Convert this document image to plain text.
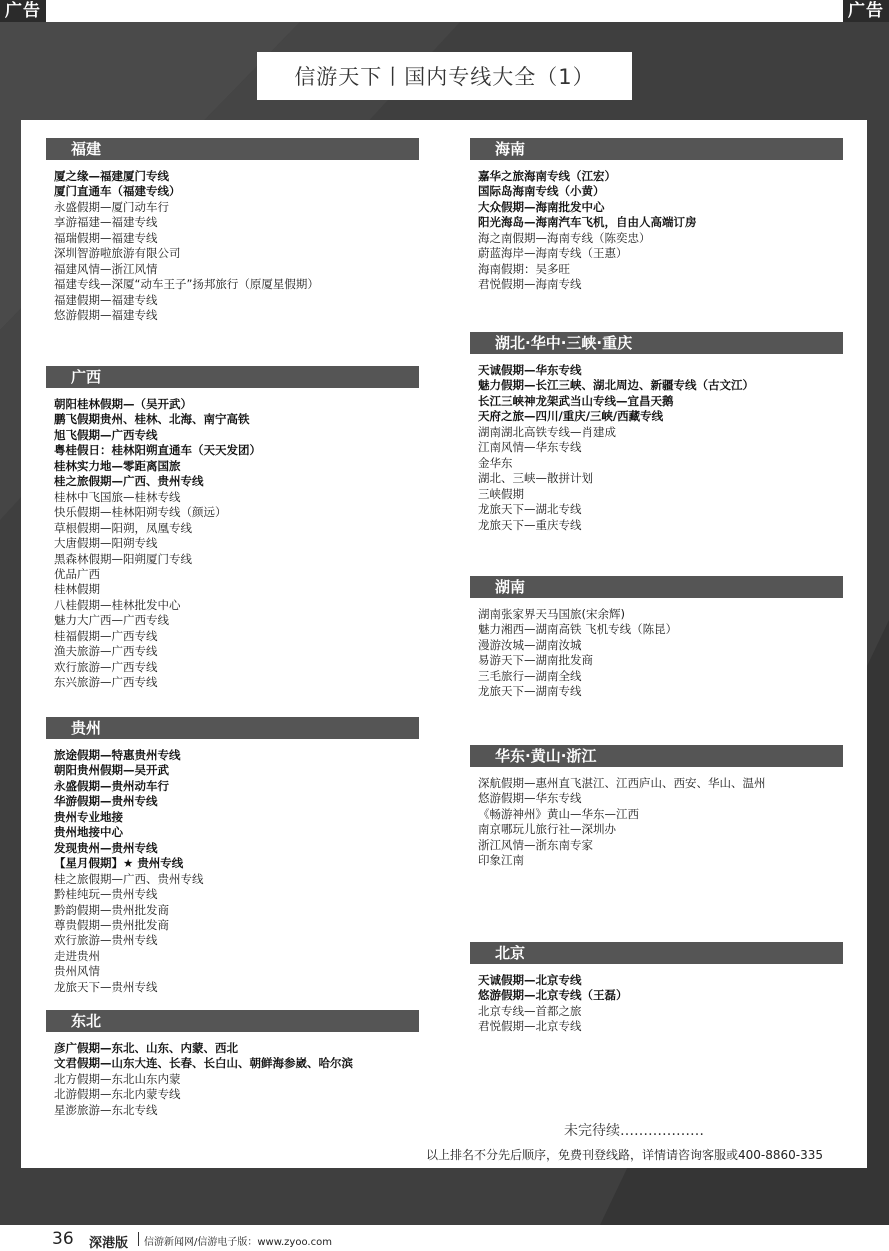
广告	广告
信游天下丨国内专线大全（1）
福建
厦之缘—福建厦门专线
厦门直通车（福建专线）
永盛假期—厦门动车行
享游福建—福建专线
福瑞假期—福建专线
深圳智游啦旅游有限公司
福建风情—浙江风情
福建专线—深厦“动车王子”扬邦旅行（原厦星假期）
福建假期—福建专线
悠游假期—福建专线
广西
朝阳桂林假期—（吴开武）
鹏飞假期贵州、桂林、北海、南宁高铁
旭飞假期—广西专线
粤桂假日：桂林阳朔直通车（天天发团）
桂林实力地—零距离国旅
桂之旅假期—广西、贵州专线
桂林中飞国旅—桂林专线
快乐假期—桂林阳朔专线（颜远）
草根假期—阳朔，凤凰专线
大唐假期—阳朔专线
黑森林假期—阳朔厦门专线
优品广西
桂林假期
八桂假期—桂林批发中心
魅力大广西—广西专线
桂福假期—广西专线
渔夫旅游—广西专线
欢行旅游—广西专线
东兴旅游—广西专线
贵州
旅途假期—特惠贵州专线
朝阳贵州假期—吴开武
永盛假期—贵州动车行
华游假期—贵州专线
贵州专业地接
贵州地接中心
发现贵州—贵州专线
【星月假期】★ 贵州专线
桂之旅假期—广西、贵州专线
黔桂纯玩—贵州专线
黔韵假期—贵州批发商
尊贵假期—贵州批发商
欢行旅游—贵州专线
走进贵州
贵州风情
龙旅天下—贵州专线
东北
彦广假期—东北、山东、内蒙、西北
文君假期—山东大连、长春、长白山、朝鲜海参崴、哈尔滨
北方假期—东北山东内蒙
北游假期—东北内蒙专线
星澎旅游—东北专线
海南
嘉华之旅海南专线（江宏）
国际岛海南专线（小黄）
大众假期—海南批发中心
阳光海岛—海南汽车飞机，自由人高端订房
海之南假期—海南专线（陈奕忠）
蔚蓝海岸—海南专线（王惠）
海南假期：吴多旺
君悦假期—海南专线
湖北·华中·三峡·重庆
天诚假期—华东专线
魅力假期—长江三峡、湖北周边、新疆专线（古文江）
长江三峡神龙架武当山专线—宜昌天鹅
天府之旅—四川/重庆/三峡/西藏专线
湖南湖北高铁专线—肖建成
江南风情—华东专线
金华东
湖北、三峡—散拼计划
三峡假期
龙旅天下—湖北专线
龙旅天下—重庆专线
湖南
湖南张家界天马国旅(宋余辉)
魅力湘西—湖南高铁 飞机专线（陈昆）
漫游汝城—湖南汝城
易游天下—湖南批发商
三毛旅行—湖南全线
龙旅天下—湖南专线
华东·黄山·浙江
深航假期—惠州直飞湛江、江西庐山、西安、华山、温州
悠游假期—华东专线
《畅游神州》黄山—华东—江西
南京哪玩儿旅行社—深圳办
浙江风情—浙东南专家
印象江南
北京
天诚假期—北京专线
悠游假期—北京专线（王磊）
北京专线—首都之旅
君悦假期—北京专线
未完待续………………
以上排名不分先后顺序，免费刊登线路，详情请咨询客服或400-8860-335
36 深港版 信游新闻网/信游电子版：www.zyoo.com
